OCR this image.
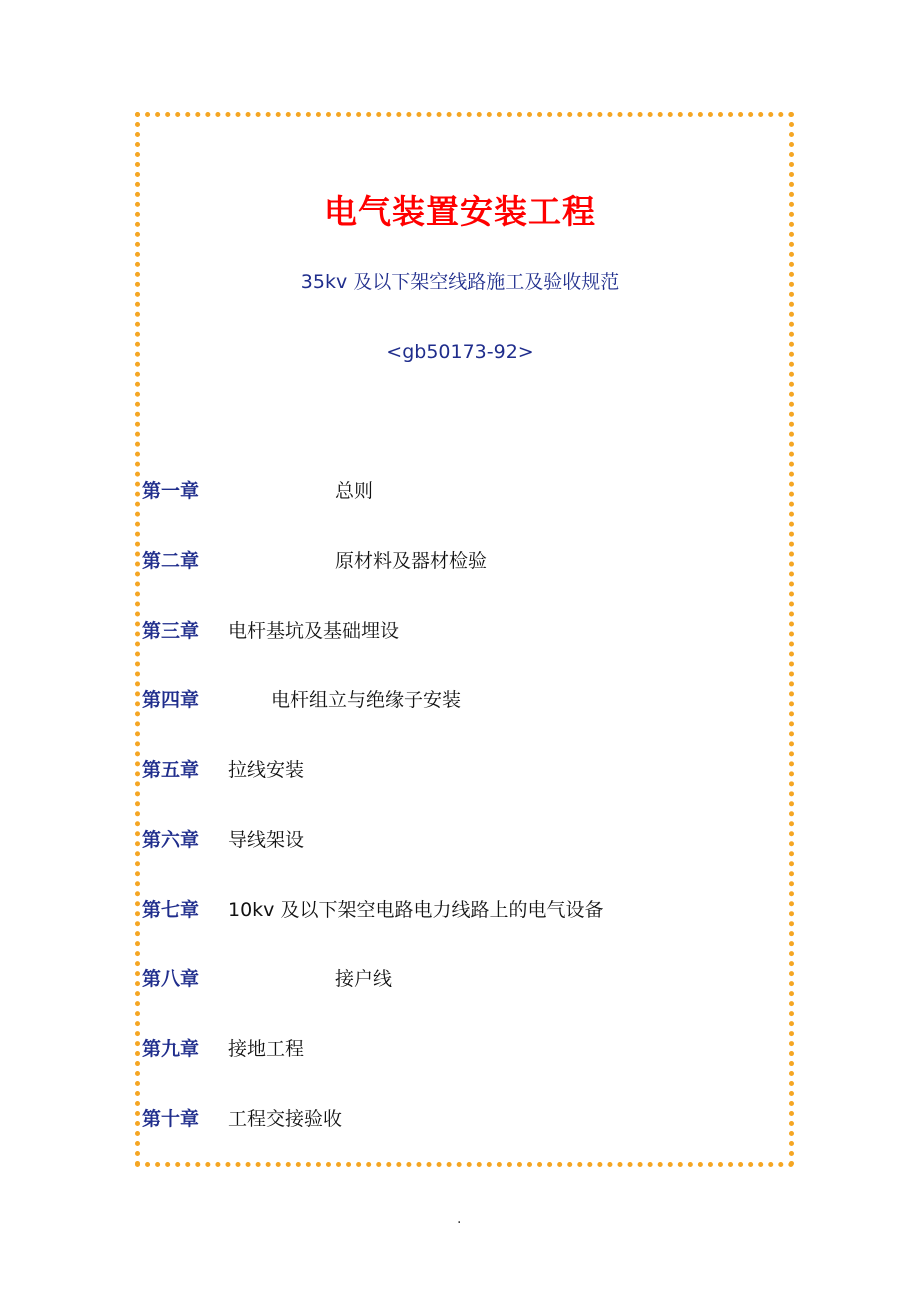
电气装置安装工程
35kv 及以下架空线路施工及验收规范
<gb50173-92>
第一章	总则
第二章	原材料及器材检验
第三章 电杆基坑及基础埋设
第四章	电杆组立与绝缘子安装
第五章 拉线安装
第六章 导线架设
第七章 10kv 及以下架空电路电力线路上的电气设备
第八章	接户线
第九章 接地工程
第十章 工程交接验收
.
